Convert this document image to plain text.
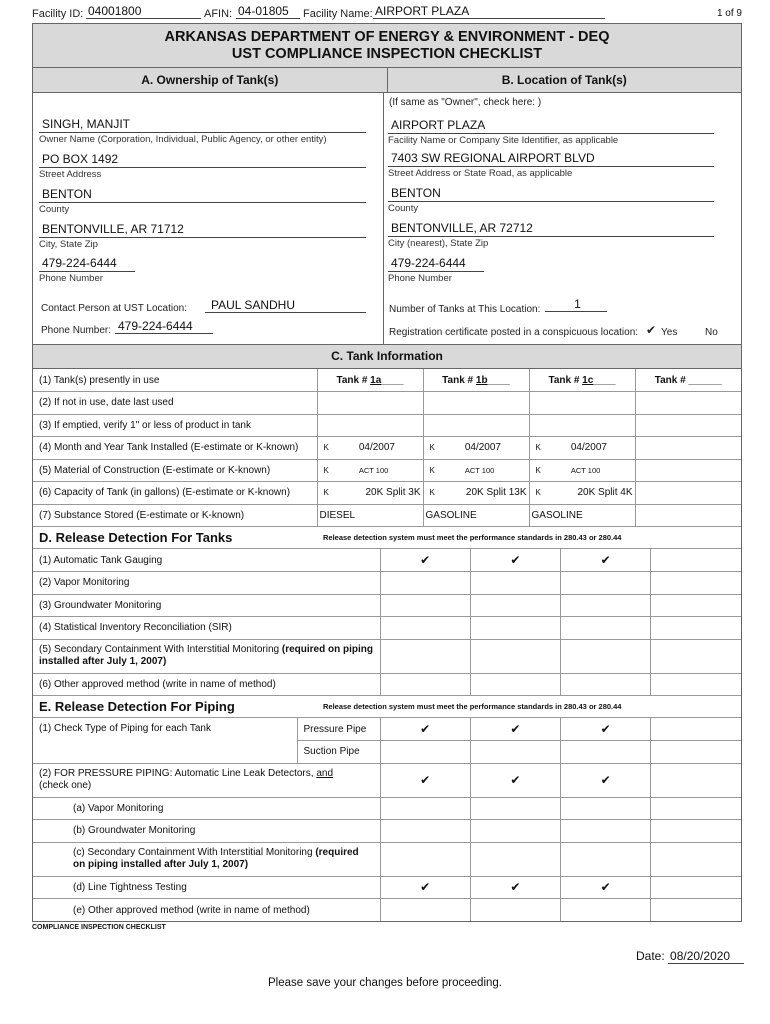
Facility ID: 04001800	AFIN: 04-01805	Facility Name: AIRPORT PLAZA	1 of 9
ARKANSAS DEPARTMENT OF ENERGY & ENVIRONMENT - DEQ
UST COMPLIANCE INSPECTION CHECKLIST
A. Ownership of Tank(s)	B. Location of Tank(s)
SINGH, MANJIT
Owner Name (Corporation, Individual, Public Agency, or other entity)
PO BOX 1492
Street Address
BENTON
County
BENTONVILLE, AR 71712
City, State Zip
479-224-6444
Phone Number
Contact Person at UST Location:	PAUL SANDHU
Phone Number: 479-224-6444
(If same as "Owner", check here: )
AIRPORT PLAZA
Facility Name or Company Site Identifier, as applicable
7403 SW REGIONAL AIRPORT BLVD
Street Address or State Road, as applicable
BENTON
County
BENTONVILLE, AR 72712
City (nearest), State Zip
479-224-6444
Phone Number
Number of Tanks at This Location:	1
Registration certificate posted in a conspicuous location: ✔ Yes	No
C. Tank Information
(1) Tank(s) presently in use	Tank # 1a____	Tank # 1b____	Tank # 1c____	Tank # ______
(2) If not in use, date last used				
(3) If emptied, verify 1" or less of product in tank				
(4) Month and Year Tank Installed (E-estimate or K-known)	K 04/2007	K 04/2007	K 04/2007	
(5) Material of Construction (E-estimate or K-known)	K ACT 100	K ACT 100	K ACT 100	
(6) Capacity of Tank (in gallons) (E-estimate or K-known)	K 20K Split 3K	K 20K Split 13K	K 20K Split 4K	

(7) Substance Stored (E-estimate or K-known)	DIESEL	GASOLINE	GASOLINE	
D. Release Detection For Tanks	Release detection system must meet the performance standards in 280.43 or 280.44
(1) Automatic Tank Gauging	✔	✔	✔	
(2) Vapor Monitoring				
(3) Groundwater Monitoring				
(4) Statistical Inventory Reconciliation (SIR)				
(5) Secondary Containment With Interstitial Monitoring (required on piping installed after July 1, 2007)				
(6) Other approved method (write in name of method)				
E. Release Detection For Piping	Release detection system must meet the performance standards in 280.43 or 280.44
(1) Check Type of Piping for each Tank	Pressure Pipe	✔	✔	✔	
	Suction Pipe				
(2) FOR PRESSURE PIPING: Automatic Line Leak Detectors, and
(check one)		✔	✔	✔	
(a) Vapor Monitoring					
(b) Groundwater Monitoring					
(c) Secondary Containment With Interstitial Monitoring (required on piping installed after July 1, 2007)					
(d) Line Tightness Testing		✔	✔	✔	
(e) Other approved method (write in name of method)					
COMPLIANCE INSPECTION CHECKLIST
Date: 08/20/2020
Please save your changes before proceeding.
